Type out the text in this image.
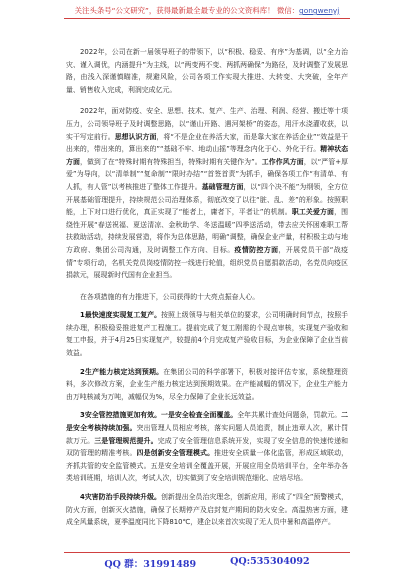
关注头条号“公文研究”，获得最新最全最专业的公文资料库！ 微信：gongwenyj

2022年，公司在新一届领导班子的带领下，以“积极、稳妥、有序”为基调，以“全力治灾、谨入调优，内涵提升”为主线，以“两变两不变、两抓两确保”为路径，及时调整了发展思路，由浅入深谨慎瞄准，规避风险，公司各项工作实现大推进、大转变、大突破，全年产量、销售收入完成，利润完成亿元。

2022年，面对防疫、安全、思想、技术、复产、生产、治理、利润、经营、搬迁等十项压力，公司领导班子及时调整思路，以“谨山开路、遇河架桥”的姿态，用汗水浇灌收获，以实干写定前行。思想认识方面，将“不是企业在养活大家，而是靠大家在养活企业”“效益是干出来的，带出来的，算出来的”“基础不牢、地动山摇”等理念内化于心、外化于行。精神状态方面，做到了在“特殊时期有特殊担当，特殊时期有关键作为”。工作作风方面，以“严管+厚爱”为导向，以“清单制”“复命制”“限时办结”“首签首责”为抓手，确保各项工作“有清单、有人抓，有人管”以考核推进了整体工作提升。基础管理方面，以“四个决不能”为纲领，全方位开展基础管理提升，持续规范公司治理体系，彻底改变了以往“脏、乱、差”的形象。按照职能，上下对口进行优化，真正实现了“能者上，庸者下，平者让”的机制。职工关爱方面，围绕性开展“春送祝福、夏送清凉、金秋助学、冬送温暖”四季送活动，带去应关怀困难职工帮扶救助活动，持续发展营造，将作为总体思路，明确“调整，确保企业产量，村积极主动与地方政府、集团公司沟通，及时调整工作方向、目标。疫情防控方面，开展党员干部“战疫情”专项行动，名机关党员岗疫情防控一线进行轮值，组织党员自愿捐款活动，名党员向疫区捐款元，展现新时代国有企业担当。

在各项措施的有力推进下，公司获得的十大亮点振奋人心。

1最快速度实现复工复产。按照上级领导与相关单位的要求，公司明确时间节点，按照手续办理，积极稳妥推进复产工程施工。提前完成了复工刚需的个现点审核，实现复产验收和复工申报，并于4月25日实现复产，较提前4个月完成复产验收目标，为企业保障了企业当前效益。

2生产能力核定达到预期。在集团公司的科学部署下，积极对接评估专家，系统整理资料，多次修改方案，企业生产能力核定达到预期效果。在产能减幅的情况下，企业生产能力由万吨核减为万吨，减幅仅为%，尽全力保障了企业长远效益。

3安全管控措施更加有效。一是安全检查全面覆盖。全年共累计查处问题条，罚款元。二是安全考核持续加强。突出管理人员相应考核，落实问题人员追责，制止违章人次，累计罚款万元。三是管理规范提升。完成了安全管理信息系统开发，实现了安全信息的快速传递和双防管理的精准考核。四是创新安全管理模式。推进安全质量一体化监管，形成区域联动，齐抓共管的安全监管模式。五是安全培训全覆盖开展，开展应用全员培训平台，全年举办各类培训班期，培训人次，考试人次，切实做到了安全培训规范细化、应培尽培。

4灾害防治手段持续升级。创新提出全员治灾理念，创新应用，形成了“四全”预警模式，防火方面，创新灭火措施，确保了长期停产及启封复产期间的防火安全。高温热害方面，建成全风量系统，夏季温度同比下降810℃，建企以来首次实现了无人员中暑和高温停产。

QQ 群：31991489	QQ:535304092
